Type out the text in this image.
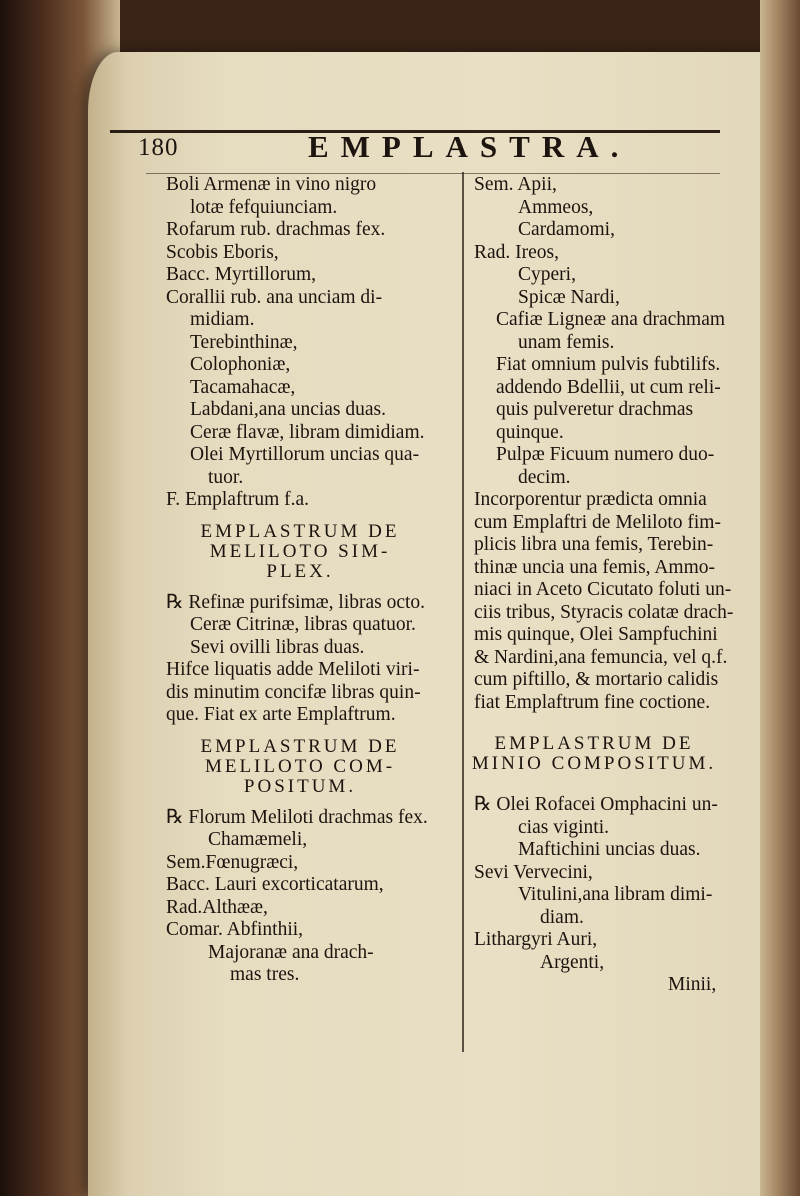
180	EMPLASTRA.
Boli Armenæ in vino nigro
lotæ fefquiunciam.
Rofarum rub. drachmas fex.
Scobis Eboris,
Bacc. Myrtillorum,
Corallii rub. ana unciam di-
midiam.
Terebinthinæ,
Colophoniæ,
Tacamahacæ,
Labdani,ana uncias duas.
Ceræ flavæ, libram dimidiam.
Olei Myrtillorum uncias qua-
tuor.
F. Emplaftrum f.a.
EMPLASTRUM DE
MELILOTO SIM-
PLEX.
℞ Refinæ purifsimæ, libras octo.
Ceræ Citrinæ, libras quatuor.
Sevi ovilli libras duas.
Hifce liquatis adde Meliloti viri-
dis minutim concifæ libras quin-
que. Fiat ex arte Emplaftrum.
EMPLASTRUM DE
MELILOTO COM-
POSITUM.
℞ Florum Meliloti drachmas fex.
Chamæmeli,
Sem.Fœnugræci,
Bacc. Lauri excorticatarum,
Rad.Althææ,
Comar. Abfinthii,
Majoranæ ana drach-
mas tres.
Sem. Apii,
Ammeos,
Cardamomi,
Rad. Ireos,
Cyperi,
Spicæ Nardi,
Cafiæ Ligneæ ana drachmam
unam femis.
Fiat omnium pulvis fubtilifs.
addendo Bdellii, ut cum reli-
quis pulveretur drachmas
quinque.
Pulpæ Ficuum numero duo-
decim.
Incorporentur prædicta omnia
cum Emplaftri de Meliloto fim-
plicis libra una femis, Terebin-
thinæ uncia una femis, Ammo-
niaci in Aceto Cicutato foluti un-
ciis tribus, Styracis colatæ drach-
mis quinque, Olei Sampfuchini
& Nardini,ana femuncia, vel q.f.
cum piftillo, & mortario calidis
fiat Emplaftrum fine coctione.
EMPLASTRUM DE
MINIO COMPOSITUM.
℞ Olei Rofacei Omphacini un-
cias viginti.
Maftichini uncias duas.
Sevi Vervecini,
Vitulini,ana libram dimi-
diam.
Lithargyri Auri,
Argenti,
Minii,
